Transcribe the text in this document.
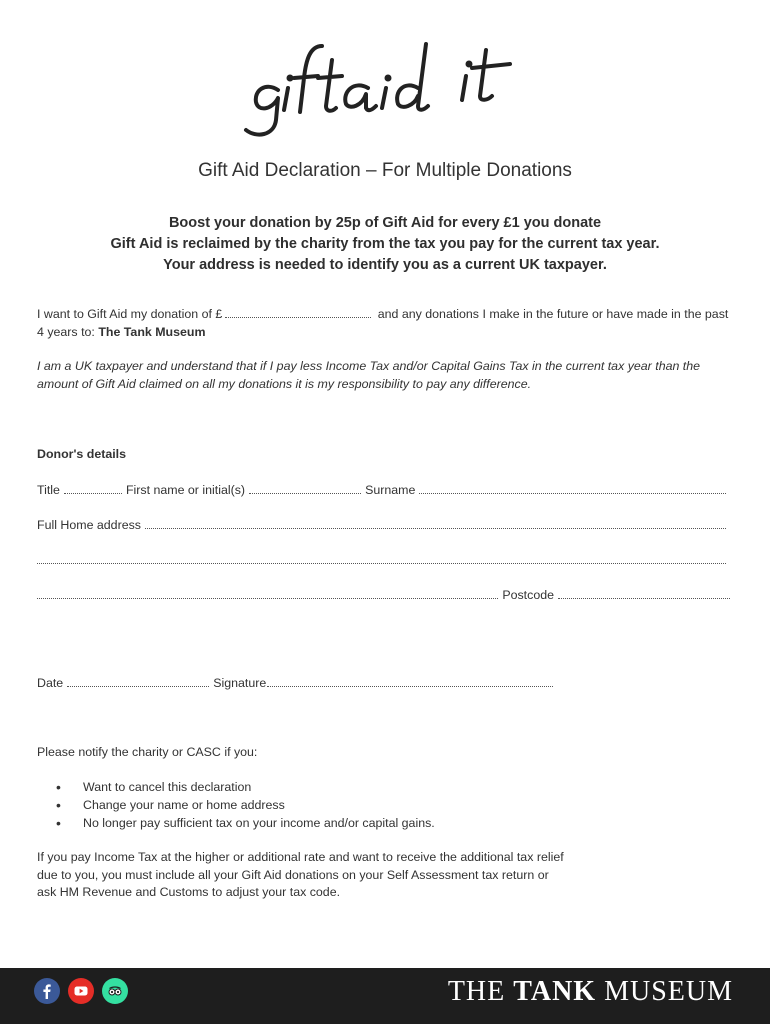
Gift Aid Declaration – For Multiple Donations
Boost your donation by 25p of Gift Aid for every £1 you donate
Gift Aid is reclaimed by the charity from the tax you pay for the current tax year.
Your address is needed to identify you as a current UK taxpayer.
I want to Gift Aid my donation of £	and any donations I make in the future or have made in the past 4 years to: The Tank Museum
I am a UK taxpayer and understand that if I pay less Income Tax and/or Capital Gains Tax in the current tax year than the amount of Gift Aid claimed on all my donations it is my responsibility to pay any difference.
Donor's details
Title	First name or initial(s)	Surname
Full Home address
Postcode
Date	Signature
Please notify the charity or CASC if you:
• Want to cancel this declaration
• Change your name or home address
• No longer pay sufficient tax on your income and/or capital gains.
If you pay Income Tax at the higher or additional rate and want to receive the additional tax relief due to you, you must include all your Gift Aid donations on your Self Assessment tax return or ask HM Revenue and Customs to adjust your tax code.
THE TANK MUSEUM
